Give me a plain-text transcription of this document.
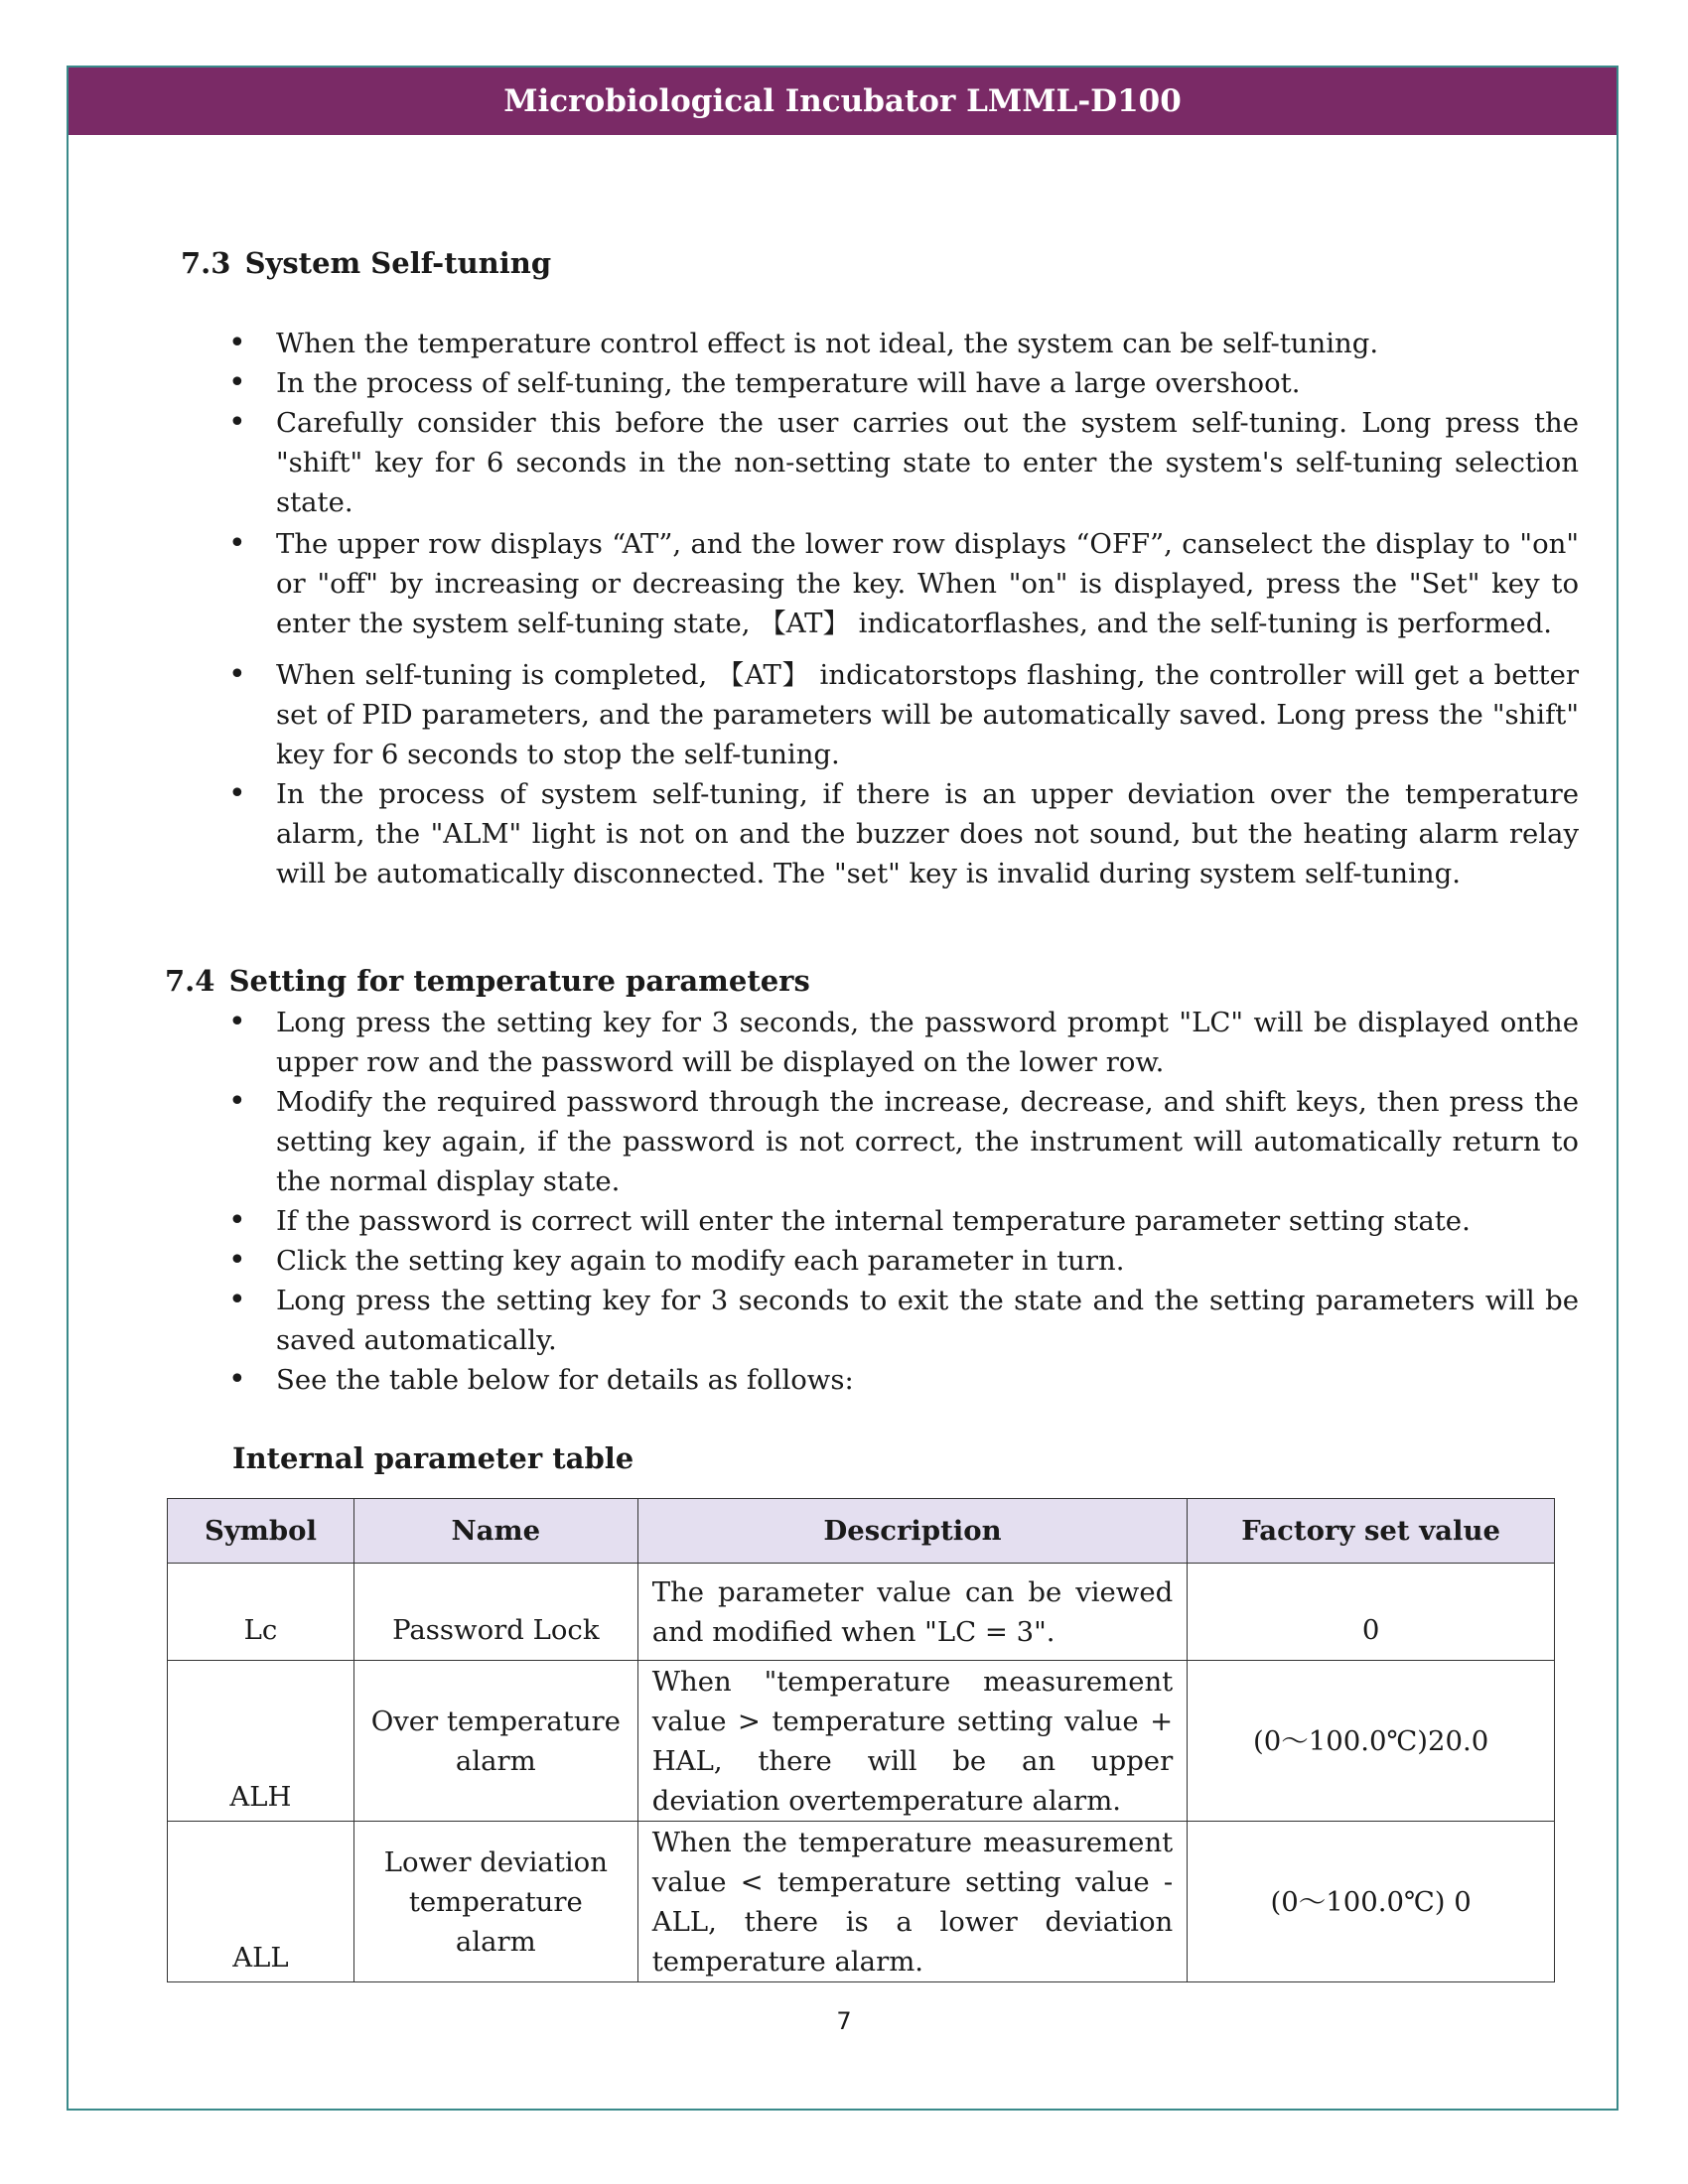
Microbiological Incubator LMML-D100
7.3 System Self-tuning
• When the temperature control effect is not ideal, the system can be self-tuning.
• In the process of self-tuning, the temperature will have a large overshoot.
• Carefully consider this before the user carries out the system self-tuning. Long press the "shift" key for 6 seconds in the non-setting state to enter the system's self-tuning selection state.
• The upper row displays “AT”, and the lower row displays “OFF”, canselect the display to "on" or "off" by increasing or decreasing the key. When "on" is displayed, press the "Set" key to enter the system self-tuning state, 【AT】 indicatorflashes, and the self-tuning is performed.
• When self-tuning is completed, 【AT】 indicatorstops flashing, the controller will get a better set of PID parameters, and the parameters will be automatically saved. Long press the "shift" key for 6 seconds to stop the self-tuning.
• In the process of system self-tuning, if there is an upper deviation over the temperature alarm, the "ALM" light is not on and the buzzer does not sound, but the heating alarm relay will be automatically disconnected. The "set" key is invalid during system self-tuning.
7.4 Setting for temperature parameters
• Long press the setting key for 3 seconds, the password prompt "LC" will be displayed onthe upper row and the password will be displayed on the lower row.
• Modify the required password through the increase, decrease, and shift keys, then press the setting key again, if the password is not correct, the instrument will automatically return to the normal display state.
• If the password is correct will enter the internal temperature parameter setting state.
• Click the setting key again to modify each parameter in turn.
• Long press the setting key for 3 seconds to exit the state and the setting parameters will be saved automatically.
• See the table below for details as follows:
Internal parameter table
Symbol	Name	Description	Factory set value
Lc	Password Lock	The parameter value can be viewed and modified when "LC = 3".	0
ALH	Over temperature alarm	When "temperature measurement value > temperature setting value + HAL, there will be an upper deviation overtemperature alarm.	(0～100.0℃)20.0
ALL	Lower deviation temperature alarm	When the temperature measurement value < temperature setting value - ALL, there is a lower deviation temperature alarm.	(0～100.0℃) 0
7
